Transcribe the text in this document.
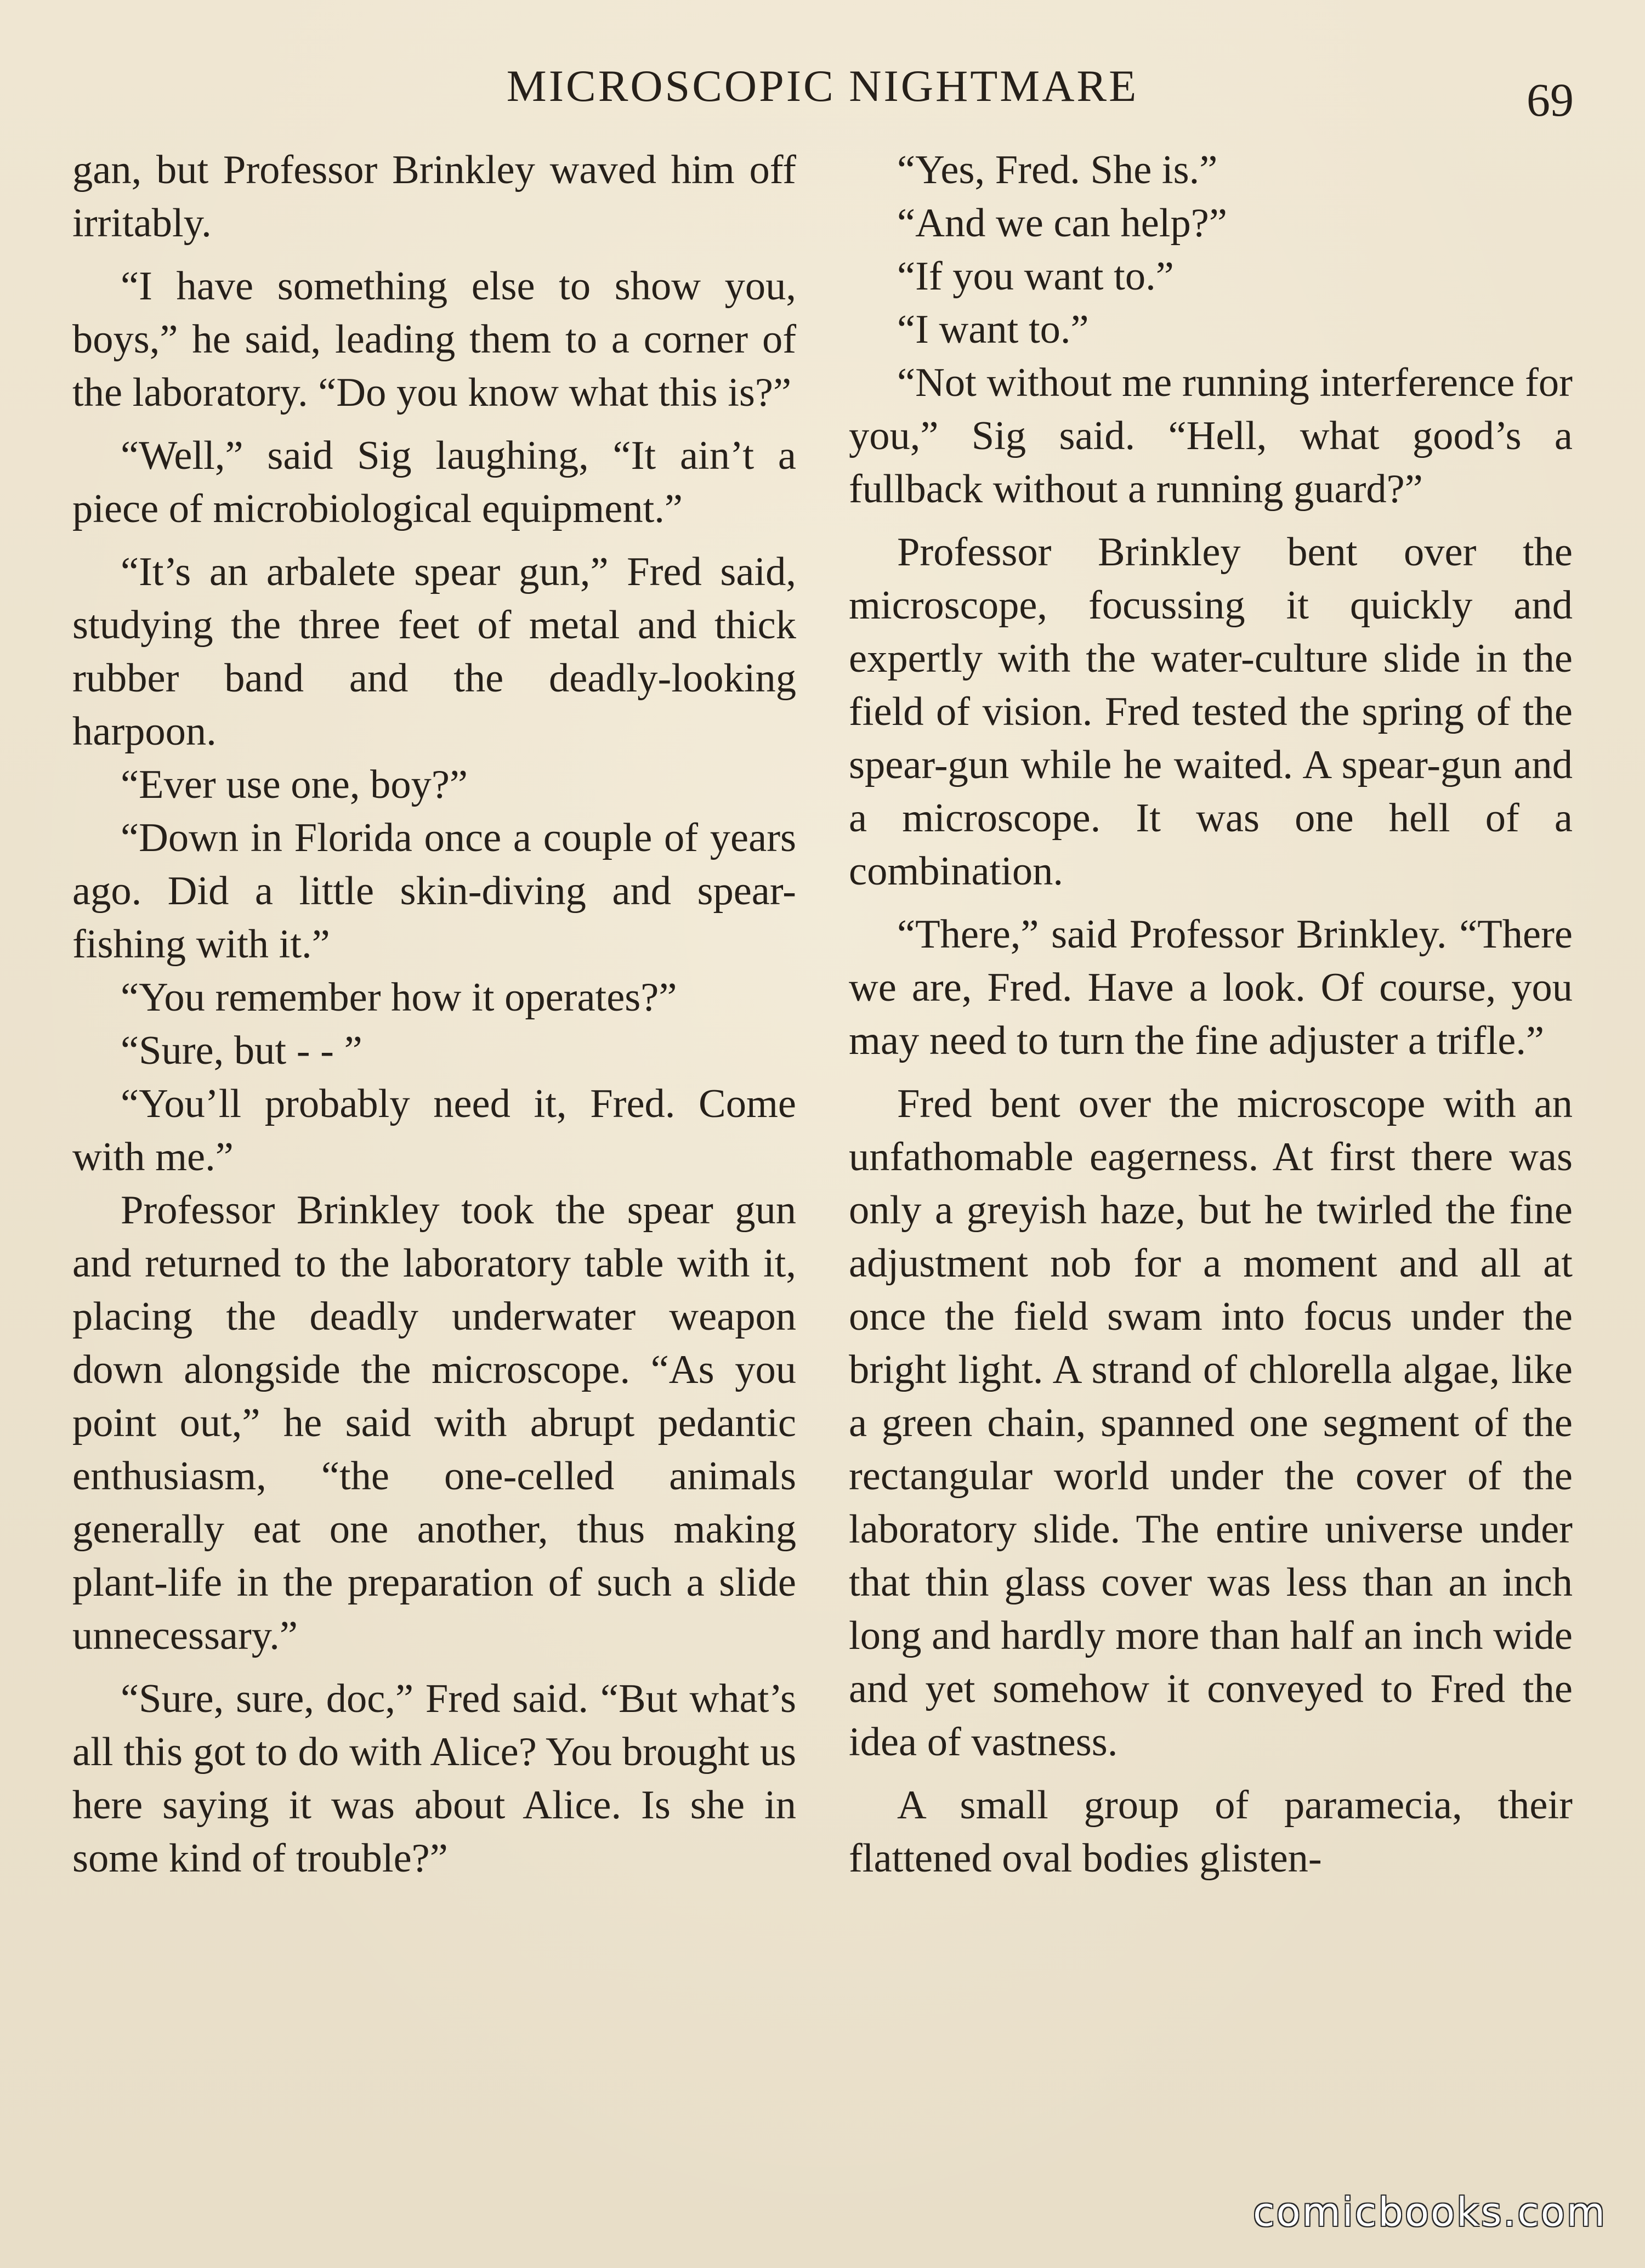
MICROSCOPIC NIGHTMARE	69

gan, but Professor Brinkley waved him off irritably.

“I have something else to show you, boys,” he said, leading them to a corner of the laboratory. “Do you know what this is?”

“Well,” said Sig laughing, “It ain’t a piece of microbiological equipment.”

“It’s an arbalete spear gun,” Fred said, studying the three feet of metal and thick rubber band and the deadly-looking harpoon.

“Ever use one, boy?”

“Down in Florida once a couple of years ago. Did a little skin-diving and spear-fishing with it.”

“You remember how it operates?”

“Sure, but - - ”

“You’ll probably need it, Fred. Come with me.”

Professor Brinkley took the spear gun and returned to the laboratory table with it, placing the deadly underwater weapon down alongside the microscope. “As you point out,” he said with abrupt pedantic enthusiasm, “the one-celled animals generally eat one another, thus making plant-life in the preparation of such a slide unnecessary.”

“Sure, sure, doc,” Fred said. “But what’s all this got to do with Alice? You brought us here saying it was about Alice. Is she in some kind of trouble?”

“Yes, Fred. She is.”

“And we can help?”

“If you want to.”

“I want to.”

“Not without me running interference for you,” Sig said. “Hell, what good’s a fullback without a running guard?”

Professor Brinkley bent over the microscope, focussing it quickly and expertly with the water-culture slide in the field of vision. Fred tested the spring of the spear-gun while he waited. A spear-gun and a microscope. It was one hell of a combination.

“There,” said Professor Brinkley. “There we are, Fred. Have a look. Of course, you may need to turn the fine adjuster a trifle.”

Fred bent over the microscope with an unfathomable eagerness. At first there was only a greyish haze, but he twirled the fine adjustment nob for a moment and all at once the field swam into focus under the bright light. A strand of chlorella algae, like a green chain, spanned one segment of the rectangular world under the cover of the laboratory slide. The entire universe under that thin glass cover was less than an inch long and hardly more than half an inch wide and yet somehow it conveyed to Fred the idea of vastness.

A small group of paramecia, their flattened oval bodies glisten-

comicbooks.com
